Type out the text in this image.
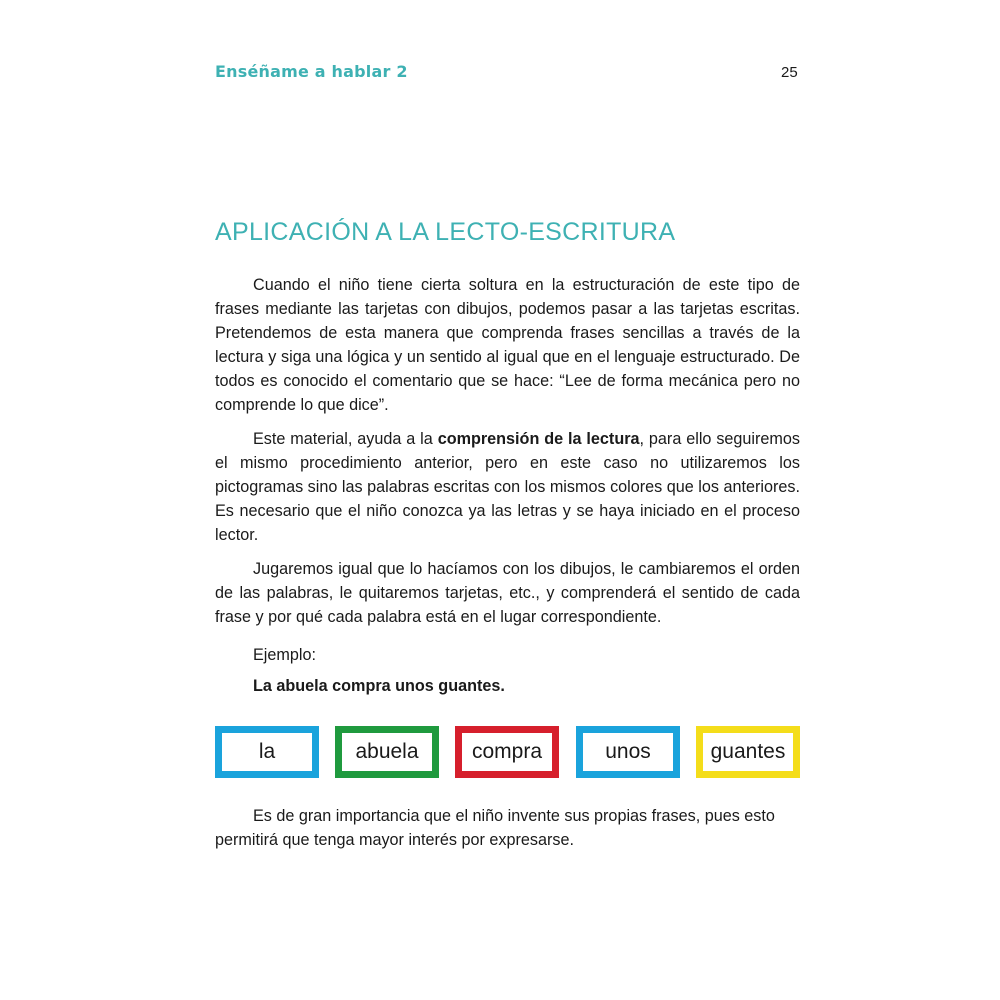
Enséñame a hablar 2	25
APLICACIÓN A LA LECTO-ESCRITURA

Cuando el niño tiene cierta soltura en la estructuración de este tipo de frases mediante las tarjetas con dibujos, podemos pasar a las tarjetas escritas. Pretendemos de esta manera que comprenda frases sencillas a través de la lectura y siga una lógica y un sentido al igual que en el lenguaje estructurado. De todos es conocido el comentario que se hace: “Lee de forma mecánica pero no comprende lo que dice”.

Este material, ayuda a la comprensión de la lectura, para ello seguiremos el mismo procedimiento anterior, pero en este caso no utilizaremos los pictogramas sino las palabras escritas con los mismos colores que los anteriores. Es necesario que el niño conozca ya las letras y se haya iniciado en el proceso lector.

Jugaremos igual que lo hacíamos con los dibujos, le cambiaremos el orden de las palabras, le quitaremos tarjetas, etc., y comprenderá el sentido de cada frase y por qué cada palabra está en el lugar correspondiente.

Ejemplo:
La abuela compra unos guantes.
la	abuela	compra	unos	guantes

Es de gran importancia que el niño invente sus propias frases, pues esto permitirá que tenga mayor interés por expresarse.
